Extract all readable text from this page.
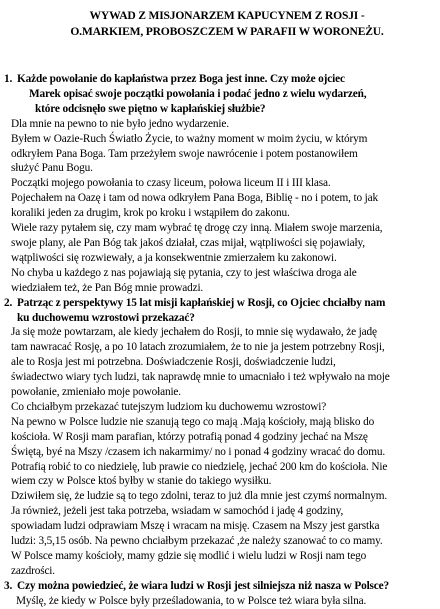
WYWAD Z MISJONARZEM KAPUCYNEM Z ROSJI -
O.MARKIEM, PROBOSZCZEM W PARAFII W WORONEŻU.
1. Każde powołanie do kapłaństwa przez Boga jest inne. Czy może ojciec
Marek opisać swoje początki powołania i podać jedno z wielu wydarzeń,
które odcisnęło swe piętno w kapłańskiej służbie?
Dla mnie na pewno to nie było jedno wydarzenie.
Byłem w Oazie-Ruch Światło Życie, to ważny moment w moim życiu, w którym
odkryłem Pana Boga. Tam przeżyłem swoje nawrócenie i potem postanowiłem
służyć Panu Bogu.
Początki mojego powołania to czasy liceum, połowa liceum II i III klasa.
Pojechałem na Oazę i tam od nowa odkryłem Pana Boga, Biblię - no i potem, to jak
koraliki jeden za drugim, krok po kroku i wstąpiłem do zakonu.
Wiele razy pytałem się, czy mam wybrać tę drogę czy inną. Miałem swoje marzenia,
swoje plany, ale Pan Bóg tak jakoś działał, czas mijał, wątpliwości się pojawiały,
wątpliwości się rozwiewały, a ja konsekwentnie zmierzałem ku zakonowi.
No chyba u każdego z nas pojawiają się pytania, czy to jest właściwa droga ale
wiedziałem też, że Pan Bóg mnie prowadzi.
2. Patrząc z perspektywy 15 lat misji kapłańskiej w Rosji, co Ojciec chciałby nam
ku duchowemu wzrostowi przekazać?
Ja się może powtarzam, ale kiedy jechałem do Rosji, to mnie się wydawało, że jadę
tam nawracać Rosję, a po 10 latach zrozumiałem, że to nie ja jestem potrzebny Rosji,
ale to Rosja jest mi potrzebna. Doświadczenie Rosji, doświadczenie ludzi,
świadectwo wiary tych ludzi, tak naprawdę mnie to umacniało i też wpływało na moje
powołanie, zmieniało moje powołanie.
Co chciałbym przekazać tutejszym ludziom ku duchowemu wzrostowi?
Na pewno w Polsce ludzie nie szanują tego co mają .Mają kościoły, mają blisko do
kościoła. W Rosji mam parafian, którzy potrafią ponad 4 godziny jechać na Mszę
Świętą, byé na Mszy /czasem ich nakarmimy/ no i ponad 4 godziny wracać do domu.
Potrafią robić to co niedzielę, lub prawie co niedzielę, jechać 200 km do kościoła. Nie
wiem czy w Polsce ktoś byłby w stanie do takiego wysiłku.
Dziwiłem się, że ludzie są to tego zdolni, teraz to już dla mnie jest czymś normalnym.
Ja również, jeżeli jest taka potrzeba, wsiadam w samochód i jadę 4 godziny,
spowiadam ludzi odprawiam Mszę i wracam na misję. Czasem na Mszy jest garstka
ludzi: 3,5,15 osób. Na pewno chciałbym przekazać ,że należy szanować to co mamy.
W Polsce mamy kościoły, mamy gdzie się modlić i wielu ludzi w Rosji nam tego
zazdrości.
3. Czy można powiedzieć, że wiara ludzi w Rosji jest silniejsza niż nasza w Polsce?
Myślę, że kiedy w Polsce były prześladowania, to w Polsce też wiara była silna.
